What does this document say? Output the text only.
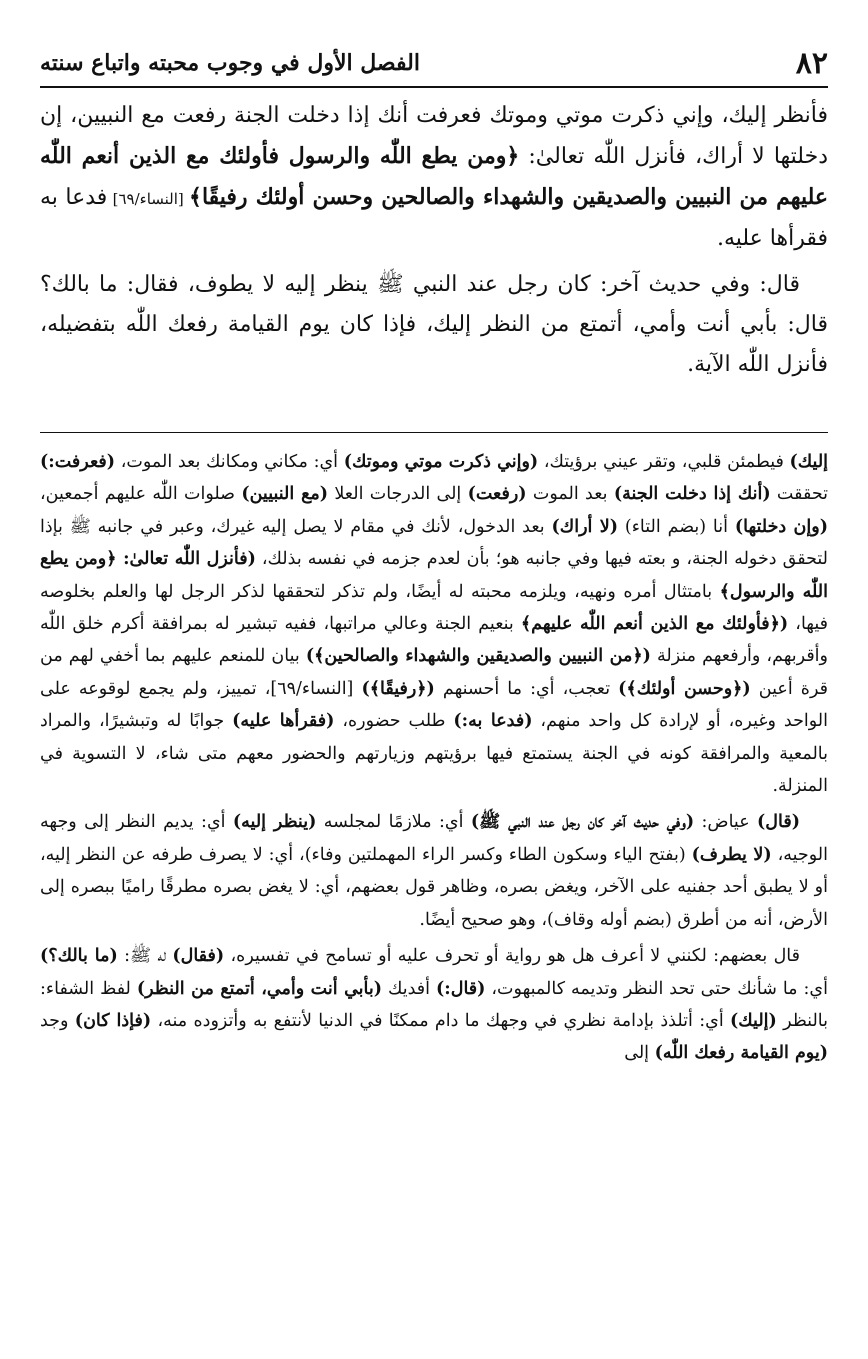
٨٢
الفصل الأول في وجوب محبته واتباع سنته

فأنظر إليك، وإني ذكرت موتي وموتك فعرفت أنك إذا دخلت الجنة رفعت مع النبيين، إن دخلتها لا أراك، فأنزل اللّٰه تعالىٰ: ﴿ومن يطع اللّٰه والرسول فأولئك مع الذين أنعم اللّٰه عليهم من النبيين والصديقين والشهداء والصالحين وحسن أولئك رفيقًا﴾ [النساء/٦٩] فدعا به فقرأها عليه.

قال: وفي حديث آخر: كان رجل عند النبي ﷺ ينظر إليه لا يطوف، فقال: ما بالك؟ قال: بأبي أنت وأمي، أتمتع من النظر إليك، فإذا كان يوم القيامة رفعك اللّٰه بتفضيله، فأنزل اللّٰه الآية.

إليك) فيطمئن قلبي، وتقر عيني برؤيتك، (وإني ذكرت موتي وموتك) أي: مكاني ومكانك بعد الموت، (فعرفت:) تحققت (أنك إذا دخلت الجنة) بعد الموت (رفعت) إلى الدرجات العلا (مع النبيين) صلوات اللّٰه عليهم أجمعين، (وإن دخلتها) أنا (بضم التاء) (لا أراك) بعد الدخول، لأنك في مقام لا يصل إليه غيرك، وعبر في جانبه ﷺ بإذا لتحقق دخوله الجنة، و بعته فيها وفي جانبه هو؛ بأن لعدم جزمه في نفسه بذلك، (فأنزل اللّٰه تعالىٰ: ﴿ومن يطع اللّٰه والرسول﴾ بامتثال أمره ونهيه، ويلزمه محبته له أيضًا، ولم تذكر لتحققها لذكر الرجل لها والعلم بخلوصه فيها، (﴿فأولئك مع الذين أنعم اللّٰه عليهم﴾ بنعيم الجنة وعالي مراتبها، ففيه تبشير له بمرافقة أكرم خلق اللّٰه وأقربهم، وأرفعهم منزلة (﴿من النبيين والصديقين والشهداء والصالحين﴾) بيان للمنعم عليهم بما أخفي لهم من قرة أعين (﴿وحسن أولئك﴾) تعجب، أي: ما أحسنهم (﴿رفيقًا﴾) [النساء/٦٩]، تمييز، ولم يجمع لوقوعه على الواحد وغيره، أو لإرادة كل واحد منهم، (فدعا به:) طلب حضوره، (فقرأها عليه) جوابًا له وتبشيرًا، والمراد بالمعية والمرافقة كونه في الجنة يستمتع فيها برؤيتهم وزيارتهم والحضور معهم متى شاء، لا التسوية في المنزلة.

(قال) عياض: (وفي حديث آخر كان رجل عند النبي ﷺ) أي: ملازمًا لمجلسه (ينظر إليه) أي: يديم النظر إلى وجهه الوجيه، (لا يطرف) (بفتح الياء وسكون الطاء وكسر الراء المهملتين وفاء)، أي: لا يصرف طرفه عن النظر إليه، أو لا يطبق أحد جفنيه على الآخر، ويغض بصره، وظاهر قول بعضهم، أي: لا يغض بصره مطرقًا راميًا ببصره إلى الأرض، أنه من أطرق (بضم أوله وقاف)، وهو صحيح أيضًا.

قال بعضهم: لكنني لا أعرف هل هو رواية أو تحرف عليه أو تسامح في تفسيره، (فقال) له ﷺ: (ما بالك؟) أي: ما شأنك حتى تحد النظر وتديمه كالمبهوت، (قال:) أفديك (بأبي أنت وأمي، أتمتع من النظر) لفظ الشفاء: بالنظر (إليك) أي: أتلذذ بإدامة نظري في وجهك ما دام ممكنًا في الدنيا لأنتفع به وأتزوده منه، (فإذا كان) وجد (يوم القيامة رفعك اللّٰه) إلى
